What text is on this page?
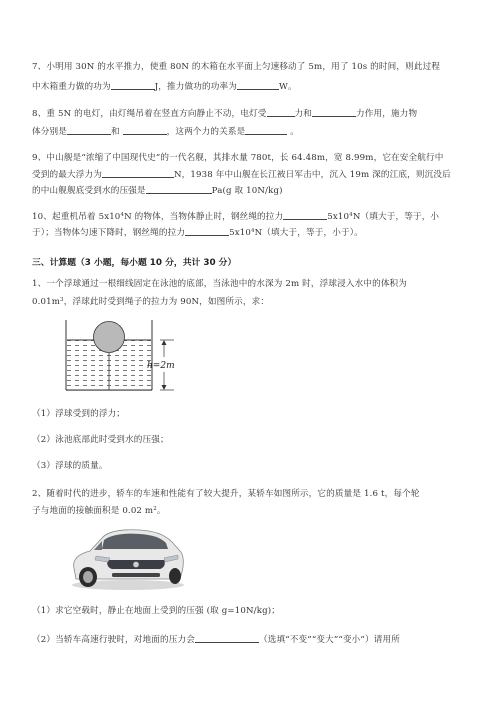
7、小明用 30N 的水平推力，使重 80N 的木箱在水平面上匀速移动了 5m，用了 10s 的时间，则此过程
中木箱重力做的功为	J，推力做功的功率为	W。
8、重 5N 的电灯，由灯绳吊着在竖直方向静止不动，电灯受	力和	力作用，施力物
体分别是	和	，这两个力的关系是	。
9、中山舰是“浓缩了中国现代史”的一代名舰，其排水量 780t，长 64.48m，宽 8.99m，它在安全航行中
受到的最大浮力为	N，1938 年中山舰在长江被日军击中，沉入 19m 深的江底，则沉没后
的中山舰舰底受到水的压强是	Pa(g 取 10N/kg)
10、起重机吊着 $5x10^4N$ 的物体，当物体静止时，钢丝绳的拉力	$5x10^4N$（填大于，等于，小
于）；当物体匀速下降时，钢丝绳的拉力	$5x10^4N$（填大于，等于，小于）。
三、计算题（3 小题，每小题 10 分，共计 30 分）
1、一个浮球通过一根细线固定在泳池的底部，当泳池中的水深为 2m 时，浮球浸入水中的体积为
$0.01m^3$，浮球此时受到绳子的拉力为 90N，如图所示，求：
h=2m
（1）浮球受到的浮力；
（2）泳池底部此时受到水的压强；
（3）浮球的质量。
2、随着时代的进步，轿车的车速和性能有了较大提升，某轿车如图所示，它的质量是 1.6 t，每个轮
子与地面的接触面积是 0.02 $m^2$。
（1）求它空载时，静止在地面上受到的压强 (取 g=10N/kg)；
（2）当轿车高速行驶时，对地面的压力会	（选填“不变”“变大”“变小”）请用所
